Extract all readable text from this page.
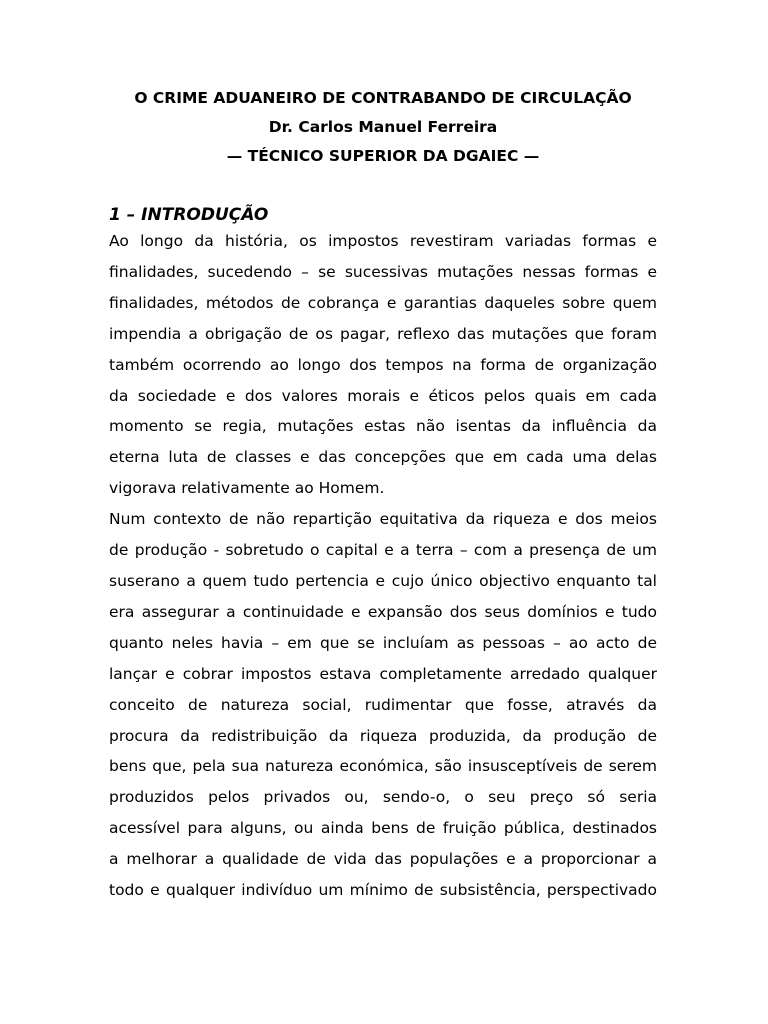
O CRIME ADUANEIRO DE CONTRABANDO DE CIRCULAÇÃO

Dr. Carlos Manuel Ferreira

— TÉCNICO SUPERIOR DA DGAIEC —

1 – INTRODUÇÃO
Ao longo da história, os impostos revestiram variadas formas e
finalidades, sucedendo – se sucessivas mutações nessas formas e
finalidades, métodos de cobrança e garantias daqueles sobre quem
impendia a obrigação de os pagar, reflexo das mutações que foram
também ocorrendo ao longo dos tempos na forma de organização
da sociedade e dos valores morais e éticos pelos quais em cada
momento se regia, mutações estas não isentas da influência da
eterna luta de classes e das concepções que em cada uma delas
vigorava relativamente ao Homem.
Num contexto de não repartição equitativa da riqueza e dos meios
de produção - sobretudo o capital e a terra – com a presença de um
suserano a quem tudo pertencia e cujo único objectivo enquanto tal
era assegurar a continuidade e expansão dos seus domínios e tudo
quanto neles havia – em que se incluíam as pessoas – ao acto de
lançar e cobrar impostos estava completamente arredado qualquer
conceito de natureza social, rudimentar que fosse, através da
procura da redistribuição da riqueza produzida, da produção de
bens que, pela sua natureza económica, são insusceptíveis de serem
produzidos pelos privados ou, sendo-o, o seu preço só seria
acessível para alguns, ou ainda bens de fruição pública, destinados
a melhorar a qualidade de vida das populações e a proporcionar a
todo e qualquer indivíduo um mínimo de subsistência, perspectivado
